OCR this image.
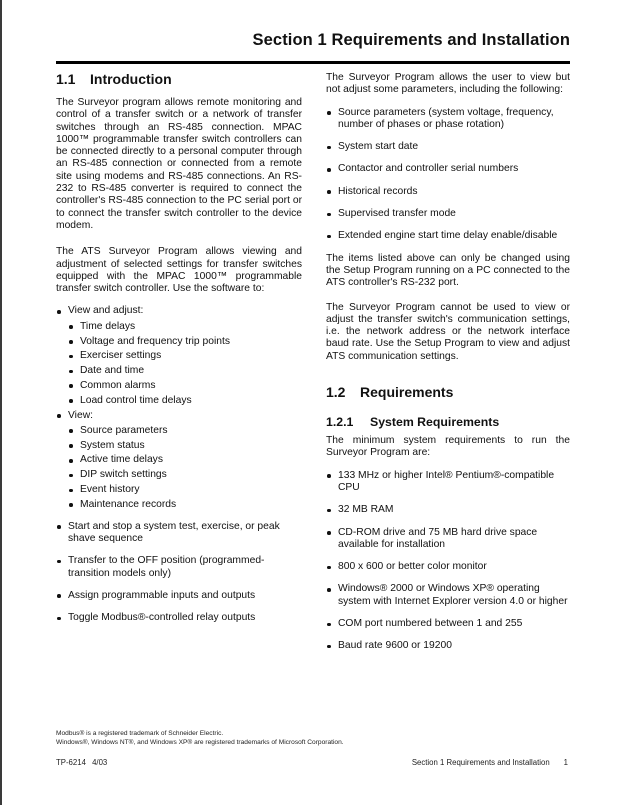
Section 1 Requirements and Installation
1.1	Introduction

The Surveyor program allows remote monitoring and control of a transfer switch or a network of transfer switches through an RS-485 connection. MPAC 1000™ programmable transfer switch controllers can be connected directly to a personal computer through an RS-485 connection or connected from a remote site using modems and RS-485 connections. An RS-232 to RS-485 converter is required to connect the controller's RS-485 connection to the PC serial port or to connect the transfer switch controller to the device modem.

The ATS Surveyor Program allows viewing and adjustment of selected settings for transfer switches equipped with the MPAC 1000™ programmable transfer switch controller. Use the software to:

View and adjust:
Time delays
Voltage and frequency trip points
Exerciser settings
Date and time
Common alarms
Load control time delays
View:
Source parameters
System status
Active time delays
DIP switch settings
Event history
Maintenance records
Start and stop a system test, exercise, or peak shave sequence
Transfer to the OFF position (programmed-transition models only)
Assign programmable inputs and outputs
Toggle Modbus®-controlled relay outputs

The Surveyor Program allows the user to view but not adjust some parameters, including the following:

Source parameters (system voltage, frequency, number of phases or phase rotation)
System start date
Contactor and controller serial numbers
Historical records
Supervised transfer mode
Extended engine start time delay enable/disable

The items listed above can only be changed using the Setup Program running on a PC connected to the ATS controller's RS-232 port.

The Surveyor Program cannot be used to view or adjust the transfer switch's communication settings, i.e. the network address or the network interface baud rate. Use the Setup Program to view and adjust ATS communication settings.

1.2	Requirements
1.2.1	System Requirements

The minimum system requirements to run the Surveyor Program are:

133 MHz or higher Intel® Pentium®-compatible CPU
32 MB RAM
CD-ROM drive and 75 MB hard drive space available for installation
800 x 600 or better color monitor
Windows® 2000 or Windows XP® operating system with Internet Explorer version 4.0 or higher
COM port numbered between 1 and 255
Baud rate 9600 or 19200
Modbus® is a registered trademark of Schneider Electric.
Windows®, Windows NT®, and Windows XP® are registered trademarks of Microsoft Corporation.
TP-6214 4/03	Section 1 Requirements and Installation 1
